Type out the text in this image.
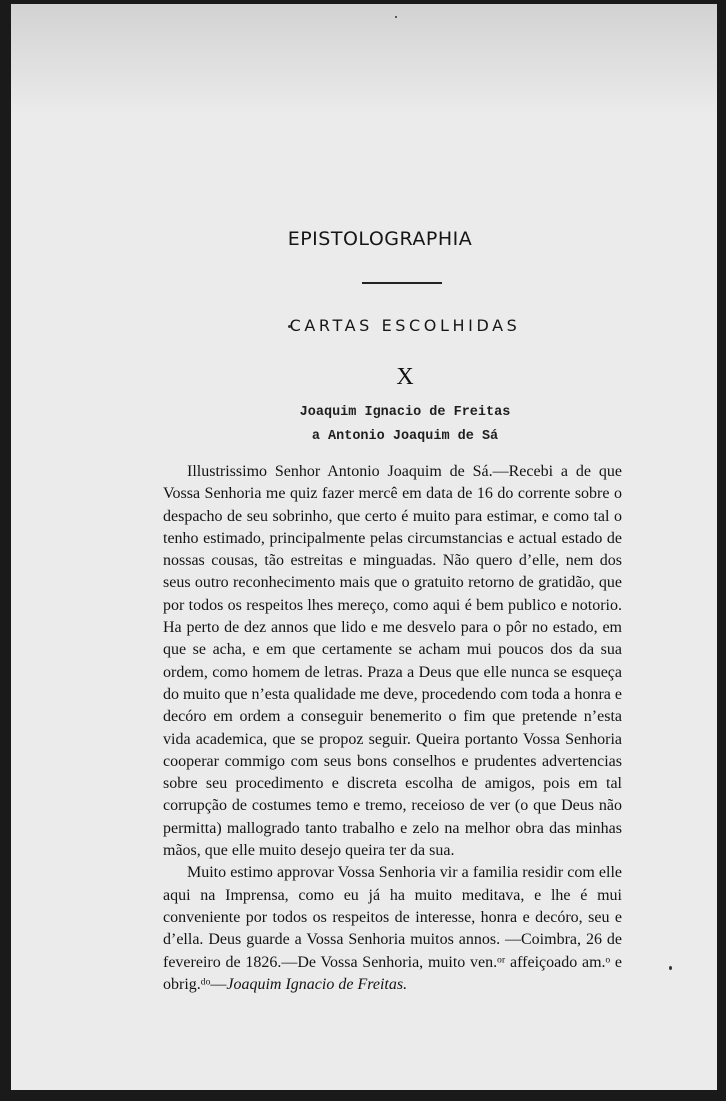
EPISTOLOGRAPHIA
CARTAS ESCOLHIDAS
X
Joaquim Ignacio de Freitas
a Antonio Joaquim de Sá

Illustrissimo Senhor Antonio Joaquim de Sá.—Recebi a de que Vossa Senhoria me quiz fazer mercê em data de 16 do corrente sobre o despacho de seu sobrinho, que certo é muito para estimar, e como tal o tenho estimado, principalmente pelas circumstancias e actual estado de nossas cousas, tão estreitas e minguadas. Não quero d’elle, nem dos seus outro reconhecimento mais que o gratuito retorno de gratidão, que por todos os respeitos lhes mereço, como aqui é bem publico e notorio. Ha perto de dez annos que lido e me desvelo para o pôr no estado, em que se acha, e em que certamente se acham mui poucos dos da sua ordem, como homem de letras. Praza a Deus que elle nunca se esqueça do muito que n’esta qualidade me deve, procedendo com toda a honra e decóro em ordem a conseguir benemerito o fim que pretende n’esta vida academica, que se propoz seguir. Queira portanto Vossa Senhoria cooperar commigo com seus bons conselhos e prudentes advertencias sobre seu procedimento e discreta escolha de amigos, pois em tal corrupção de costumes temo e tremo, receioso de ver (o que Deus não permitta) mallogrado tanto trabalho e zelo na melhor obra das minhas mãos, que elle muito desejo queira ter da sua.

Muito estimo approvar Vossa Senhoria vir a familia residir com elle aqui na Imprensa, como eu já ha muito meditava, e lhe é mui conveniente por todos os respeitos de interesse, honra e decóro, seu e d’ella. Deus guarde a Vossa Senhoria muitos annos. —Coimbra, 26 de fevereiro de 1826.—De Vossa Senhoria, muito ven.ᵒʳ affeiçoado am.ᵒ e obrig.ᵈᵒ—Joaquim Ignacio de Freitas.
